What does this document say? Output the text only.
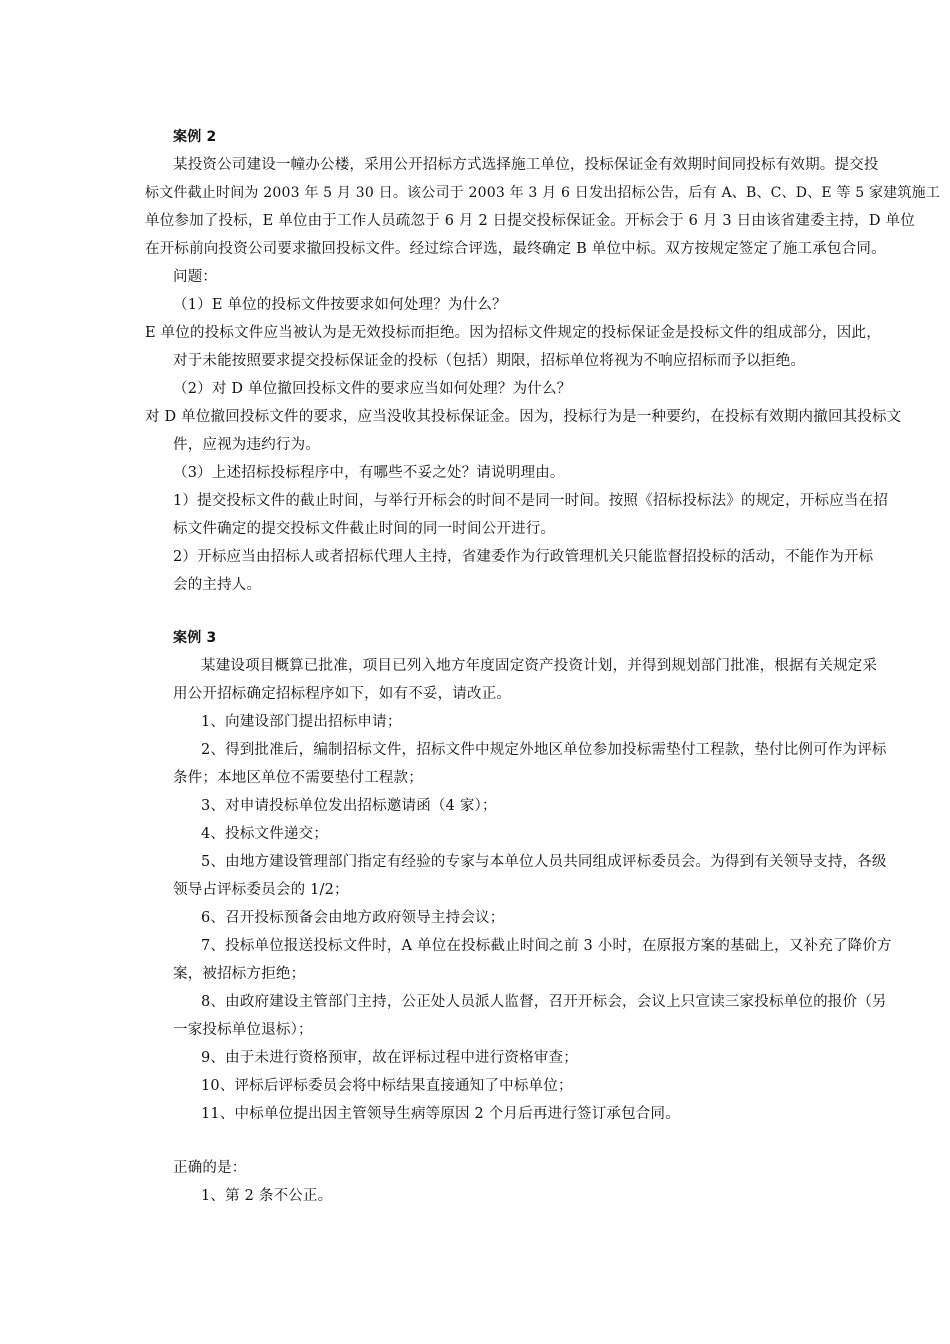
案例 2
某投资公司建设一幢办公楼，采用公开招标方式选择施工单位，投标保证金有效期时间同投标有效期。提交投
标文件截止时间为 2003 年 5 月 30 日。该公司于 2003 年 3 月 6 日发出招标公告，后有 A、B、C、D、E 等 5 家建筑施工
单位参加了投标，E 单位由于工作人员疏忽于 6 月 2 日提交投标保证金。开标会于 6 月 3 日由该省建委主持，D 单位
在开标前向投资公司要求撤回投标文件。经过综合评选，最终确定 B 单位中标。双方按规定签定了施工承包合同。
问题：
（1）E 单位的投标文件按要求如何处理？为什么？
E 单位的投标文件应当被认为是无效投标而拒绝。因为招标文件规定的投标保证金是投标文件的组成部分，因此，
对于未能按照要求提交投标保证金的投标（包括）期限，招标单位将视为不响应招标而予以拒绝。
（2）对 D 单位撤回投标文件的要求应当如何处理？为什么？
对 D 单位撤回投标文件的要求，应当没收其投标保证金。因为，投标行为是一种要约，在投标有效期内撤回其投标文
件，应视为违约行为。
（3）上述招标投标程序中，有哪些不妥之处？请说明理由。
1）提交投标文件的截止时间，与举行开标会的时间不是同一时间。按照《招标投标法》的规定，开标应当在招
标文件确定的提交投标文件截止时间的同一时间公开进行。
2）开标应当由招标人或者招标代理人主持，省建委作为行政管理机关只能监督招投标的活动，不能作为开标
会的主持人。
案例 3
某建设项目概算已批准，项目已列入地方年度固定资产投资计划，并得到规划部门批准，根据有关规定采
用公开招标确定招标程序如下，如有不妥，请改正。
1、向建设部门提出招标申请；
2、得到批准后，编制招标文件，招标文件中规定外地区单位参加投标需垫付工程款，垫付比例可作为评标
条件；本地区单位不需要垫付工程款；
3、对申请投标单位发出招标邀请函（4 家）；
4、投标文件递交；
5、由地方建设管理部门指定有经验的专家与本单位人员共同组成评标委员会。为得到有关领导支持，各级
领导占评标委员会的 1/2；
6、召开投标预备会由地方政府领导主持会议；
7、投标单位报送投标文件时，A 单位在投标截止时间之前 3 小时，在原报方案的基础上，又补充了降价方
案，被招标方拒绝；
8、由政府建设主管部门主持，公正处人员派人监督，召开开标会，会议上只宣读三家投标单位的报价（另
一家投标单位退标）；
9、由于未进行资格预审，故在评标过程中进行资格审查；
10、评标后评标委员会将中标结果直接通知了中标单位；
11、中标单位提出因主管领导生病等原因 2 个月后再进行签订承包合同。
正确的是：
1、第 2 条不公正。
